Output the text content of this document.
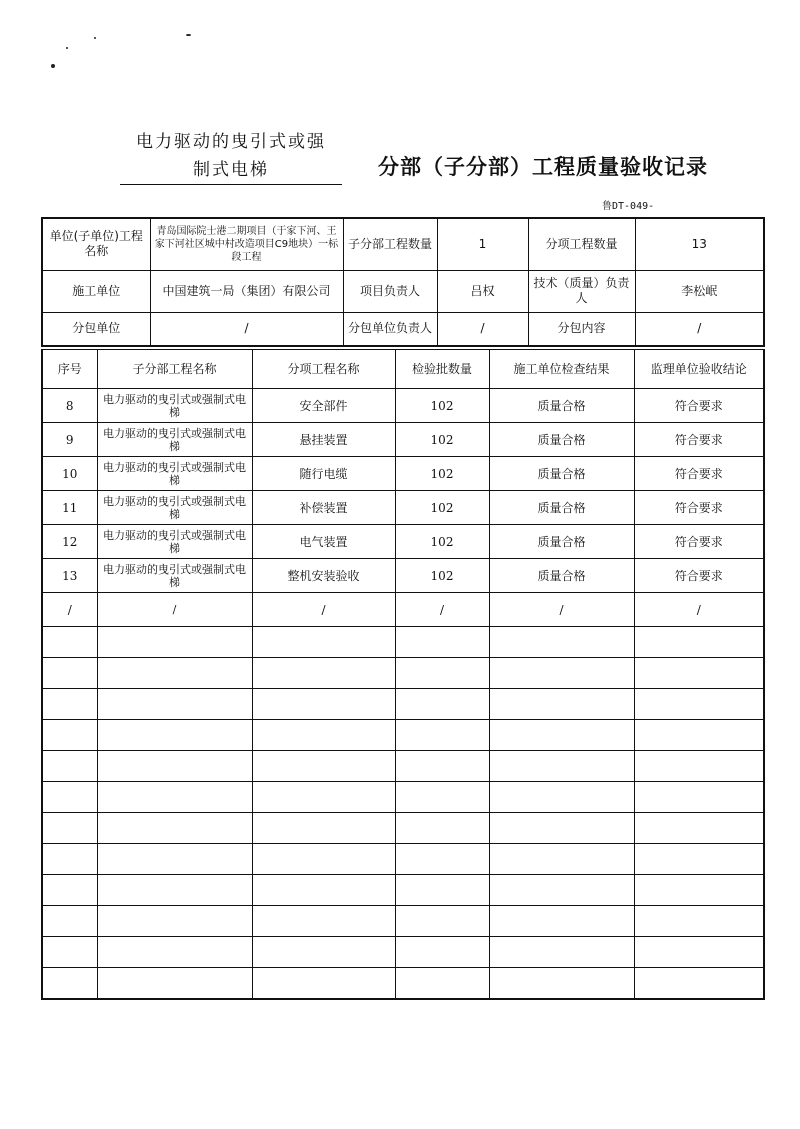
电力驱动的曳引式或强

制式电梯	分部（子分部）工程质量验收记录
鲁DT-049-
单位(子单位)工程名称	青岛国际院士港二期项目（于家下河、王家下河社区城中村改造项目C9地块）一标段工程	子分部工程数量	1	分项工程数量	13
施工单位	中国建筑一局（集团）有限公司	项目负责人	吕权	技术（质量）负责人	李松岷
分包单位	/	分包单位负责人	/	分包内容	/
序号	子分部工程名称	分项工程名称	检验批数量	施工单位检查结果	监理单位验收结论
8	电力驱动的曳引式或强制式电梯	安全部件	102	质量合格	符合要求
9	电力驱动的曳引式或强制式电梯	悬挂装置	102	质量合格	符合要求
10	电力驱动的曳引式或强制式电梯	随行电缆	102	质量合格	符合要求
11	电力驱动的曳引式或强制式电梯	补偿装置	102	质量合格	符合要求
12	电力驱动的曳引式或强制式电梯	电气装置	102	质量合格	符合要求
13	电力驱动的曳引式或强制式电梯	整机安装验收	102	质量合格	符合要求
/	/	/	/	/	/
